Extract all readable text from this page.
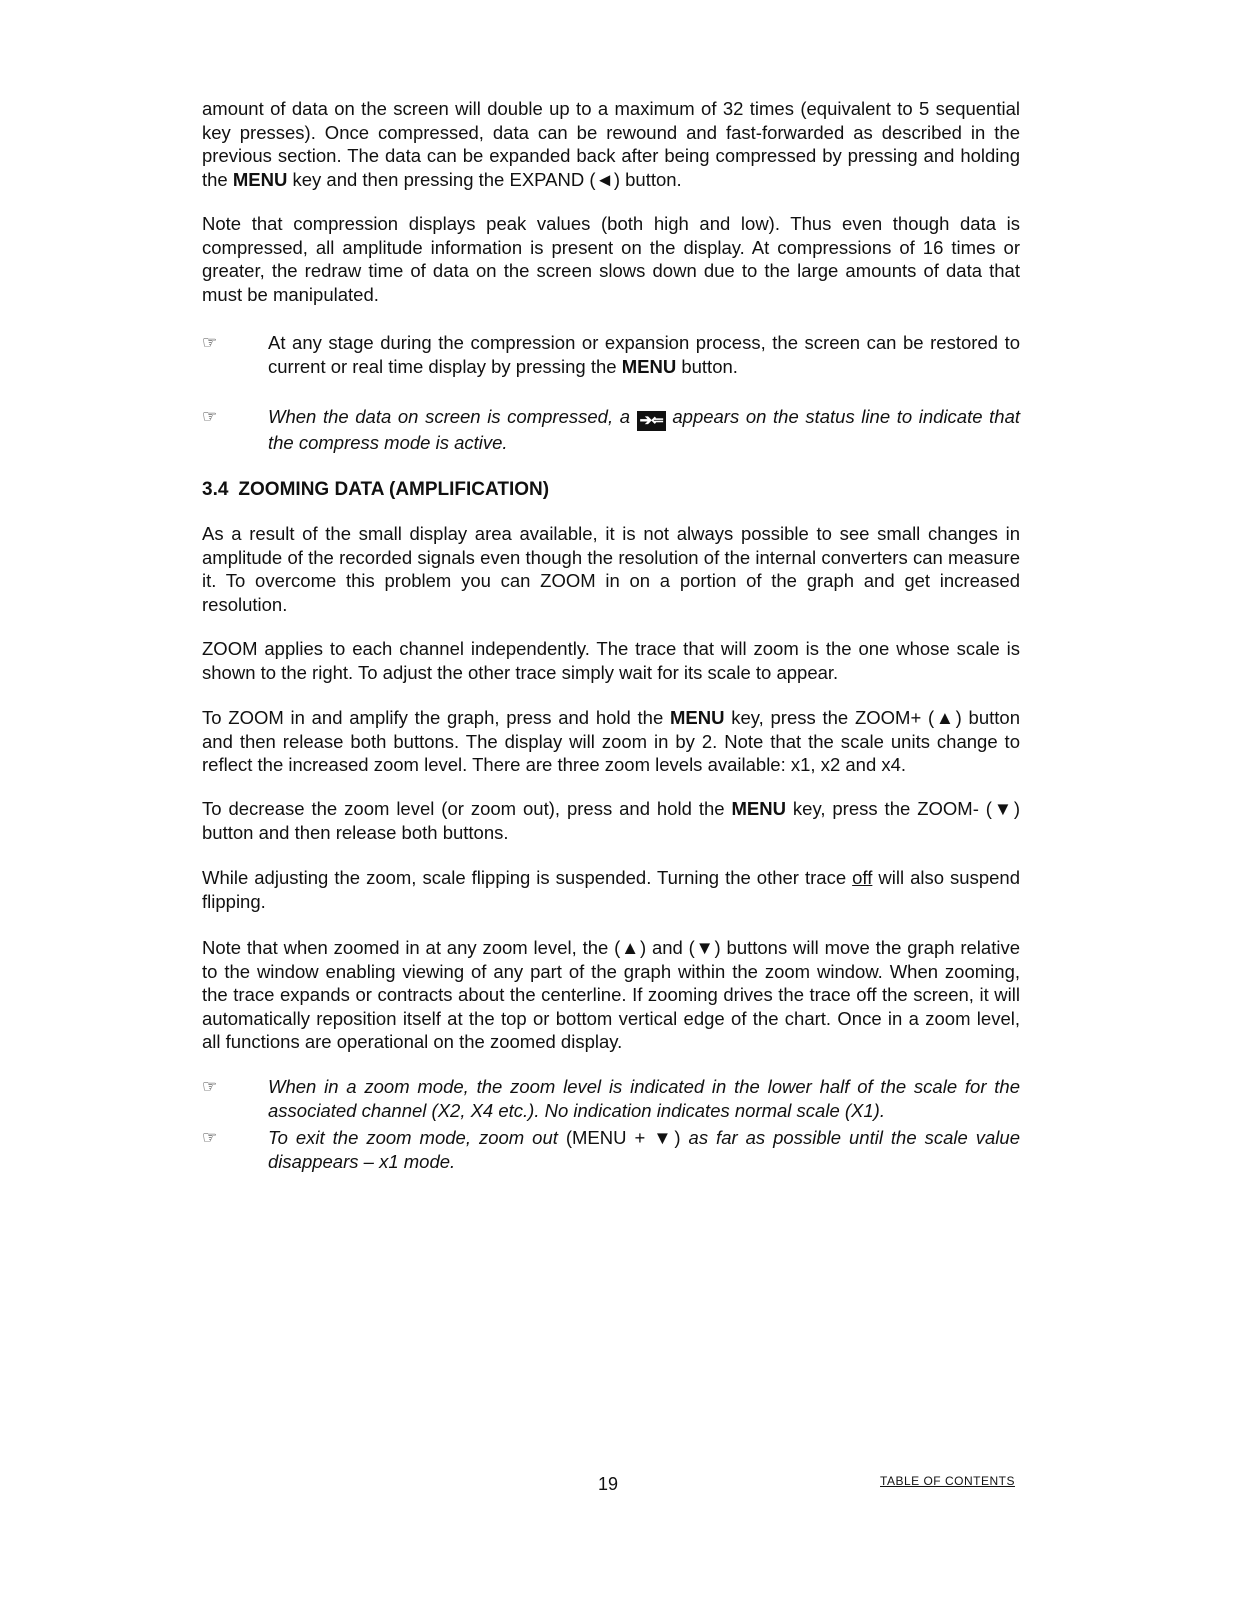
amount of data on the screen will double up to a maximum of 32 times (equivalent to 5 sequential key presses). Once compressed, data can be rewound and fast-forwarded as described in the previous section. The data can be expanded back after being compressed by pressing and holding the MENU key and then pressing the EXPAND (◄) button.

Note that compression displays peak values (both high and low). Thus even though data is compressed, all amplitude information is present on the display. At compressions of 16 times or greater, the redraw time of data on the screen slows down due to the large amounts of data that must be manipulated.

☞	At any stage during the compression or expansion process, the screen can be restored to current or real time display by pressing the MENU button.
☞	When the data on screen is compressed, a ➔⇐ appears on the status line to indicate that the compress mode is active.
3.4 ZOOMING DATA (AMPLIFICATION)

As a result of the small display area available, it is not always possible to see small changes in amplitude of the recorded signals even though the resolution of the internal converters can measure it. To overcome this problem you can ZOOM in on a portion of the graph and get increased resolution.

ZOOM applies to each channel independently. The trace that will zoom is the one whose scale is shown to the right. To adjust the other trace simply wait for its scale to appear.

To ZOOM in and amplify the graph, press and hold the MENU key, press the ZOOM+ (▲) button and then release both buttons. The display will zoom in by 2. Note that the scale units change to reflect the increased zoom level. There are three zoom levels available: x1, x2 and x4.

To decrease the zoom level (or zoom out), press and hold the MENU key, press the ZOOM- (▼) button and then release both buttons.

While adjusting the zoom, scale flipping is suspended. Turning the other trace off will also suspend flipping.

Note that when zoomed in at any zoom level, the (▲) and (▼) buttons will move the graph relative to the window enabling viewing of any part of the graph within the zoom window. When zooming, the trace expands or contracts about the centerline. If zooming drives the trace off the screen, it will automatically reposition itself at the top or bottom vertical edge of the chart. Once in a zoom level, all functions are operational on the zoomed display.

☞	When in a zoom mode, the zoom level is indicated in the lower half of the scale for the associated channel (X2, X4 etc.). No indication indicates normal scale (X1).
☞	To exit the zoom mode, zoom out (MENU + ▼) as far as possible until the scale value disappears – x1 mode.
19	TABLE OF CONTENTS
